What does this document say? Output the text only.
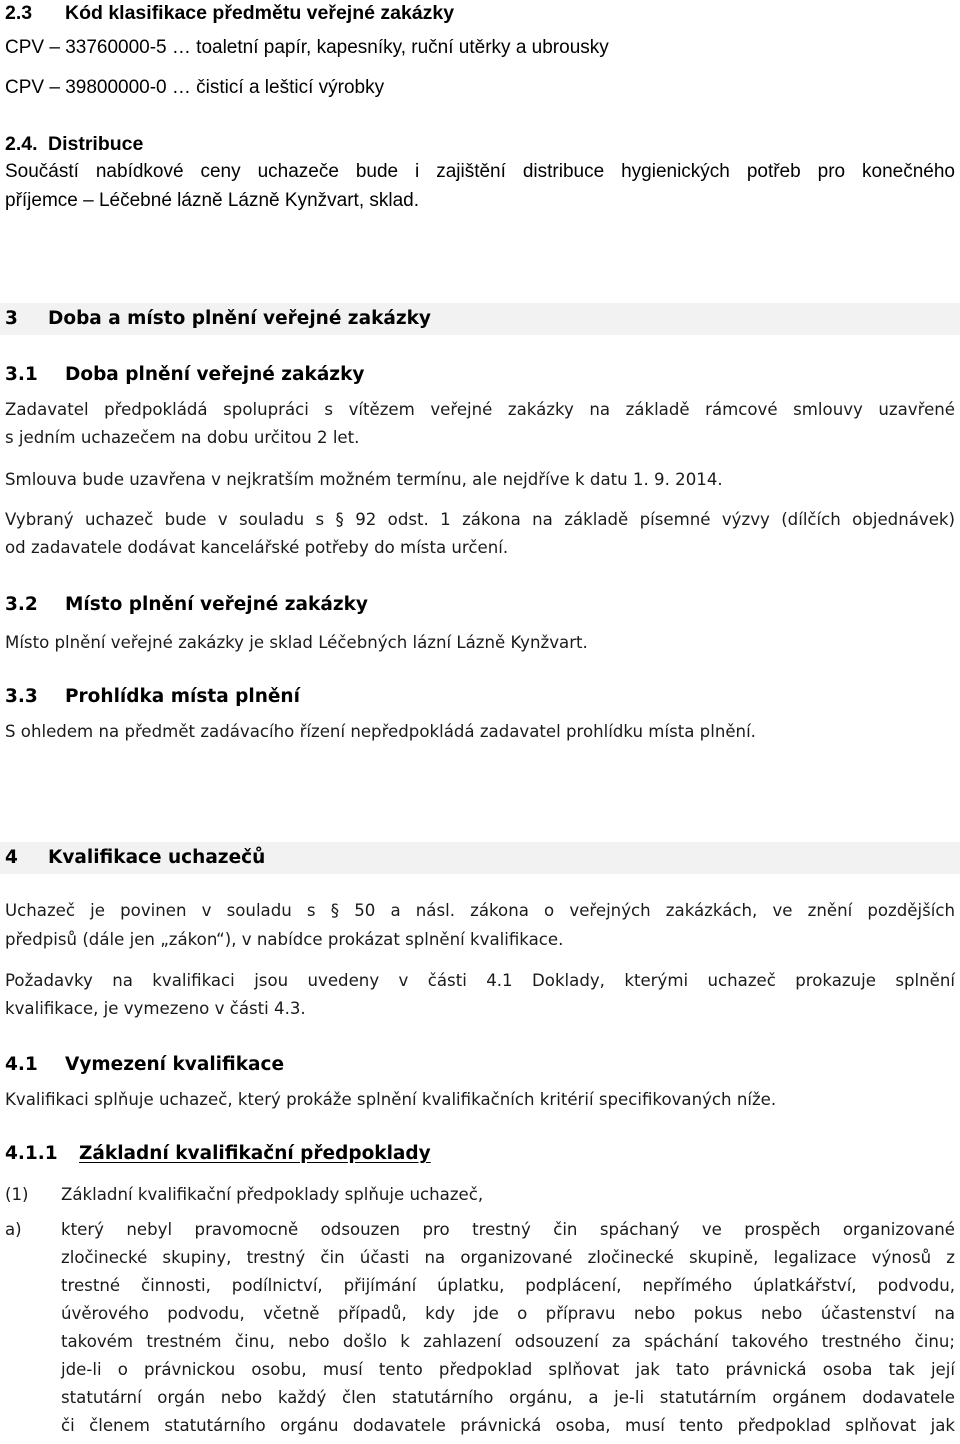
2.3 Kód klasifikace předmětu veřejné zakázky
CPV – 33760000-5 … toaletní papír, kapesníky, ruční utěrky a ubrousky
CPV – 39800000-0 … čisticí a lešticí výrobky
2.4. Distribuce
Součástí nabídkové ceny uchazeče bude i zajištění distribuce hygienických potřeb pro konečného
příjemce – Léčebné lázně Lázně Kynžvart, sklad.
3 Doba a místo plnění veřejné zakázky
3.1 Doba plnění veřejné zakázky
Zadavatel předpokládá spolupráci s vítězem veřejné zakázky na základě rámcové smlouvy uzavřené
s jedním uchazečem na dobu určitou 2 let.
Smlouva bude uzavřena v nejkratším možném termínu, ale nejdříve k datu 1. 9. 2014.
Vybraný uchazeč bude v souladu s § 92 odst. 1 zákona na základě písemné výzvy (dílčích objednávek)
od zadavatele dodávat kancelářské potřeby do místa určení.
3.2 Místo plnění veřejné zakázky
Místo plnění veřejné zakázky je sklad Léčebných lázní Lázně Kynžvart.
3.3 Prohlídka místa plnění
S ohledem na předmět zadávacího řízení nepředpokládá zadavatel prohlídku místa plnění.
4 Kvalifikace uchazečů
Uchazeč je povinen v souladu s § 50 a násl. zákona o veřejných zakázkách, ve znění pozdějších
předpisů (dále jen „zákon“), v nabídce prokázat splnění kvalifikace.
Požadavky na kvalifikaci jsou uvedeny v části 4.1 Doklady, kterými uchazeč prokazuje splnění
kvalifikace, je vymezeno v části 4.3.
4.1 Vymezení kvalifikace
Kvalifikaci splňuje uchazeč, který prokáže splnění kvalifikačních kritérií specifikovaných níže.
4.1.1 Základní kvalifikační předpoklady
(1) Základní kvalifikační předpoklady splňuje uchazeč,
a) který nebyl pravomocně odsouzen pro trestný čin spáchaný ve prospěch organizované
zločinecké skupiny, trestný čin účasti na organizované zločinecké skupině, legalizace výnosů z
trestné činnosti, podílnictví, přijímání úplatku, podplácení, nepřímého úplatkářství, podvodu,
úvěrového podvodu, včetně případů, kdy jde o přípravu nebo pokus nebo účastenství na
takovém trestném činu, nebo došlo k zahlazení odsouzení za spáchání takového trestného činu;
jde-li o právnickou osobu, musí tento předpoklad splňovat jak tato právnická osoba tak její
statutární orgán nebo každý člen statutárního orgánu, a je-li statutárním orgánem dodavatele
či členem statutárního orgánu dodavatele právnická osoba, musí tento předpoklad splňovat jak
